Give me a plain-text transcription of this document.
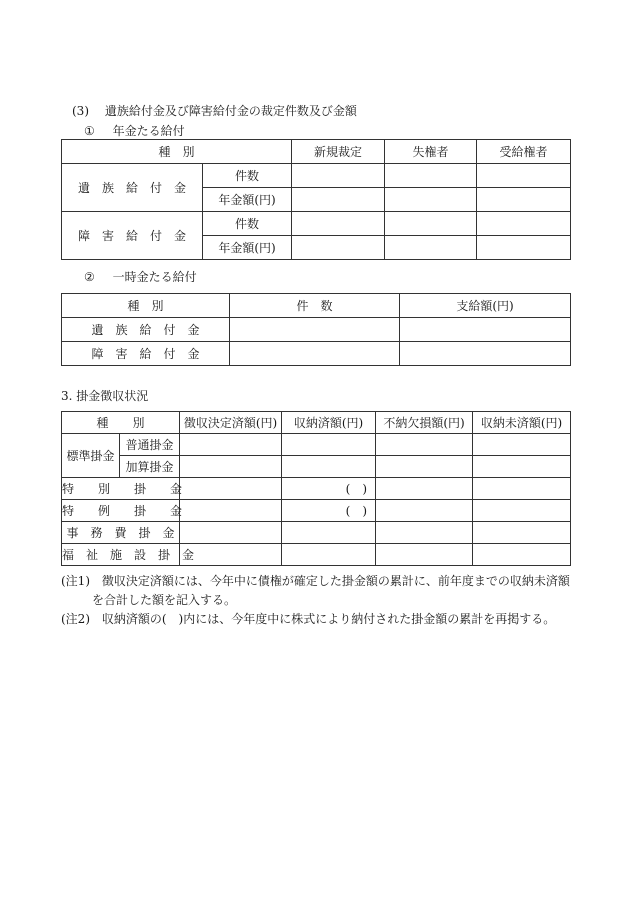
(3) 遺族給付金及び障害給付金の裁定件数及び金額
① 年金たる給付
種　別		新規裁定	失権者	受給権者
遺　族　給　付　金	件数			
	年金額(円)			
障　害　給　付　金	件数			
	年金額(円)			
② 一時金たる給付
種　別	件　数	支給額(円)
遺　族　給　付　金		
障　害　給　付　金		
3. 掛金徴収状況
種　　別		徴収決定済額(円)	収納済額(円)	不納欠損額(円)	収納未済額(円)
標準掛金	普通掛金				
	加算掛金				
特　　別　　掛　　金			(　)		
特　　例　　掛　　金			(　)		
事　務　費　掛　金					
福　祉　施　設　掛　金					
(注1) 徴収決定済額には、今年中に債権が確定した掛金額の累計に、前年度までの収納未済額
を合計した額を記入する。
(注2) 収納済額の(　)内には、今年度中に株式により納付された掛金額の累計を再掲する。
